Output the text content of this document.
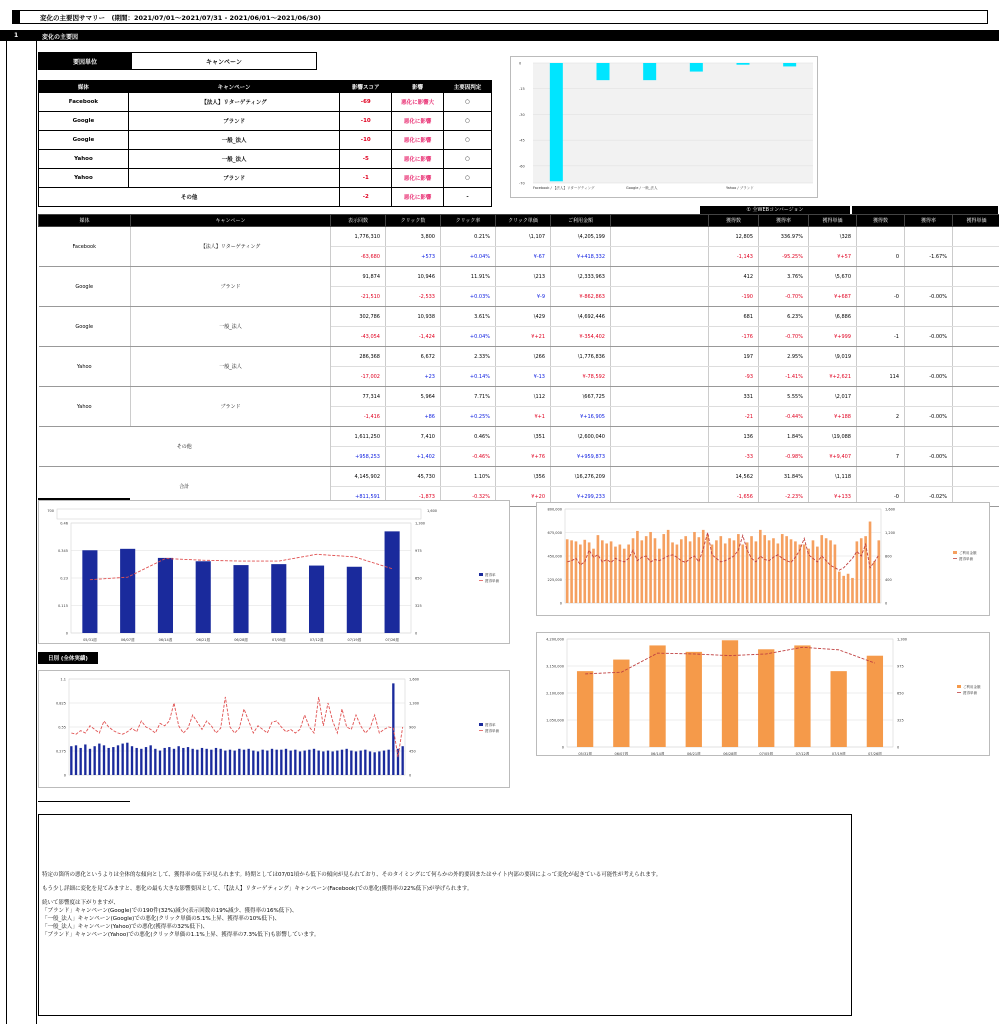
変化の主要因サマリー　(期間：2021/07/01〜2021/07/31 - 2021/06/01〜2021/06/30)
1	変化の主要因
要因単位	キャンペーン
媒体	キャンペーン	影響スコア	影響	主要因判定
Facebook	【法人】リターゲティング	-69	悪化に影響大	○
Google	ブランド	-10	悪化に影響	○
Google	一般_法人	-10	悪化に影響	○
Yahoo	一般_法人	-5	悪化に影響	○
Yahoo	ブランド	-1	悪化に影響	○
その他		-2	悪化に影響	-
0
-15
-30
-45
-60
-70
Facebook / 【法人】リターゲティング	Google / 一般_法人	Yahoo / ブランド
① 全WEBコンバージョン
媒体	キャンペーン	表示回数	クリック数	クリック率	クリック単価	ご利用金額		獲得数	獲得率	獲得単価	獲得数	獲得率	獲得単価
Facebook	【法人】リターゲティング	1,776,310	3,800	0.21%	\1,107	\4,205,199		12,805	336.97%	\328			
		-63,680	+573	+0.04%	¥-67	¥+418,332		-1,143	-95.25%	¥+57	0	-1.67%	
Google	ブランド	91,874	10,946	11.91%	\213	\2,333,963		412	3.76%	\5,670			
		-21,510	-2,533	+0.03%	¥-9	¥-862,863		-190	-0.70%	¥+687	-0	-0.00%	
Google	一般_法人	302,786	10,938	3.61%	\429	\4,692,446		681	6.23%	\6,886			
		-43,054	-1,424	+0.04%	¥+21	¥-354,402		-176	-0.70%	¥+999	-1	-0.00%	
Yahoo	一般_法人	286,368	6,672	2.33%	\266	\1,776,836		197	2.95%	\9,019			
		-17,002	+23	+0.14%	¥-13	¥-78,592		-93	-1.41%	¥+2,621	114	-0.00%	
Yahoo	ブランド	77,314	5,964	7.71%	\112	\667,725		331	5.55%	\2,017			
		-1,416	+86	+0.25%	¥+1	¥+16,905		-21	-0.44%	¥+188	2	-0.00%	
その他		1,611,250	7,410	0.46%	\351	\2,600,040		136	1.84%	\19,088			
		+958,253	+1,402	-0.46%	¥+76	¥+959,873		-33	-0.98%	¥+9,407	7	-0.00%	
合計		4,145,902	45,730	1.10%	\356	\16,276,209		14,562	31.84%	\1,118			
		+811,591	-1,873	-0.32%	¥+20	¥+299,233		-1,656	-2.23%	¥+133	-0	-0.02%	
700	1,600
0.46
0.345
0.23
0.115
0
1,300
975
650
325
0
05/31週	06/07週	06/14週	06/21週	06/28週	07/05週	07/12週	07/19週	07/26週
獲得率
獲得単価
800,000
675,000
450,000
225,000
0
1,600
1,200
800
400
0
ご利用金額
獲得単価
日別 (全体実績)
1.1
0.825
0.55
0.275
0
1,600
1,300
900
450
0
獲得率
獲得単価
4,200,000
3,150,000
2,100,000
1,050,000
0
1,300
975
650
325
0
05/31週	06/07週	06/14週	06/21週	06/28週	07/05週	07/12週	07/19週	07/26週
ご利用金額
獲得単価

特定の箇所の悪化というよりは全体的な傾向として、獲得率の低下が見られます。時期としては07/01頃から低下の傾向が見られており、そのタイミングにて何らかの外的要因またはサイト内部の要因によって変化が起きている可能性が考えられます。

もう少し詳細に変化を見てみますと、悪化の最も大きな影響要因として、「【法人】リターゲティング」キャンペーン(Facebook)での悪化(獲得率の22%低下)が挙げられます。

続いて影響度は下がりますが、

「ブランド」キャンペーン(Google)での190件(32%)減少(表示回数の19%減少、獲得率の16%低下)、

「一般_法人」キャンペーン(Google)での悪化(クリック単価の5.1%上昇、獲得率の10%低下)、

「一般_法人」キャンペーン(Yahoo)での悪化(獲得率の32%低下)、

「ブランド」キャンペーン(Yahoo)での悪化(クリック単価の1.1%上昇、獲得率の7.3%低下)も影響しています。
